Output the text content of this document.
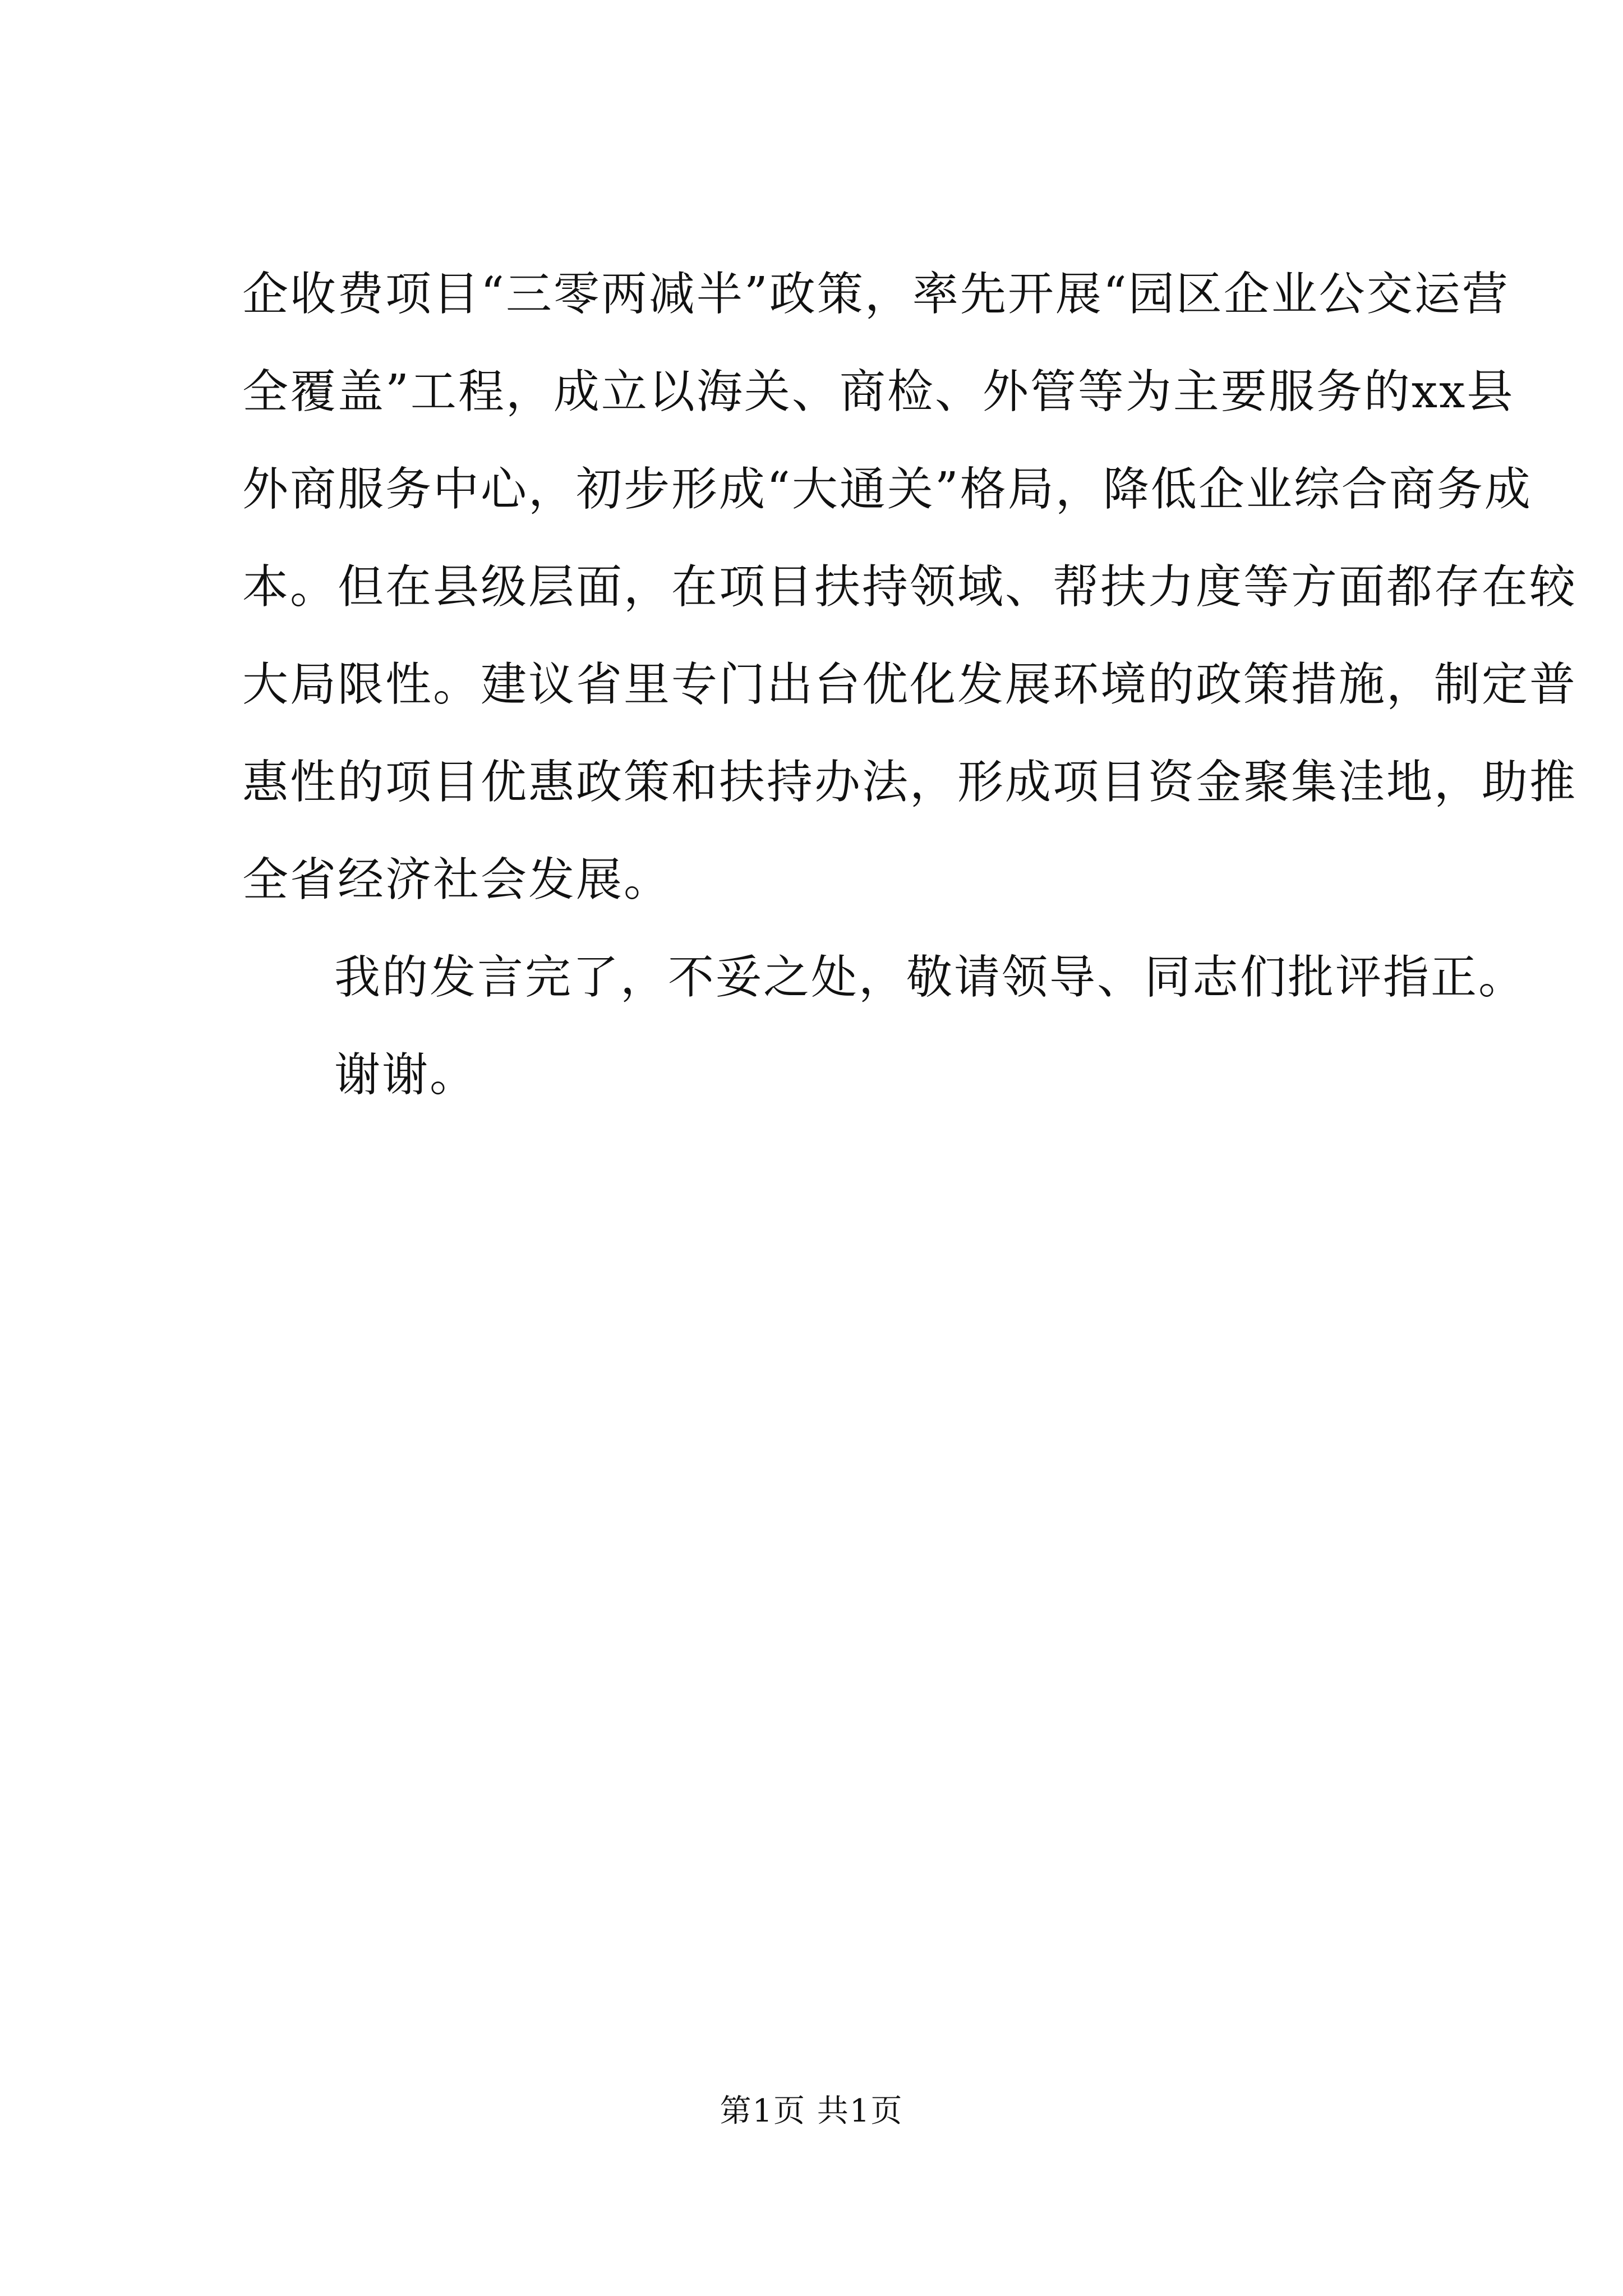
企收费项目“三零两减半”政策，率先开展“园区企业公交运营
全覆盖”工程，成立以海关、商检、外管等为主要服务的xx县
外商服务中心，初步形成“大通关”格局，降低企业综合商务成
本。但在县级层面，在项目扶持领域、帮扶力度等方面都存在较
大局限性。建议省里专门出台优化发展环境的政策措施，制定普
惠性的项目优惠政策和扶持办法，形成项目资金聚集洼地，助推
全省经济社会发展。
我的发言完了，不妥之处，敬请领导、同志们批评指正。
谢谢。
第1页 共1页
